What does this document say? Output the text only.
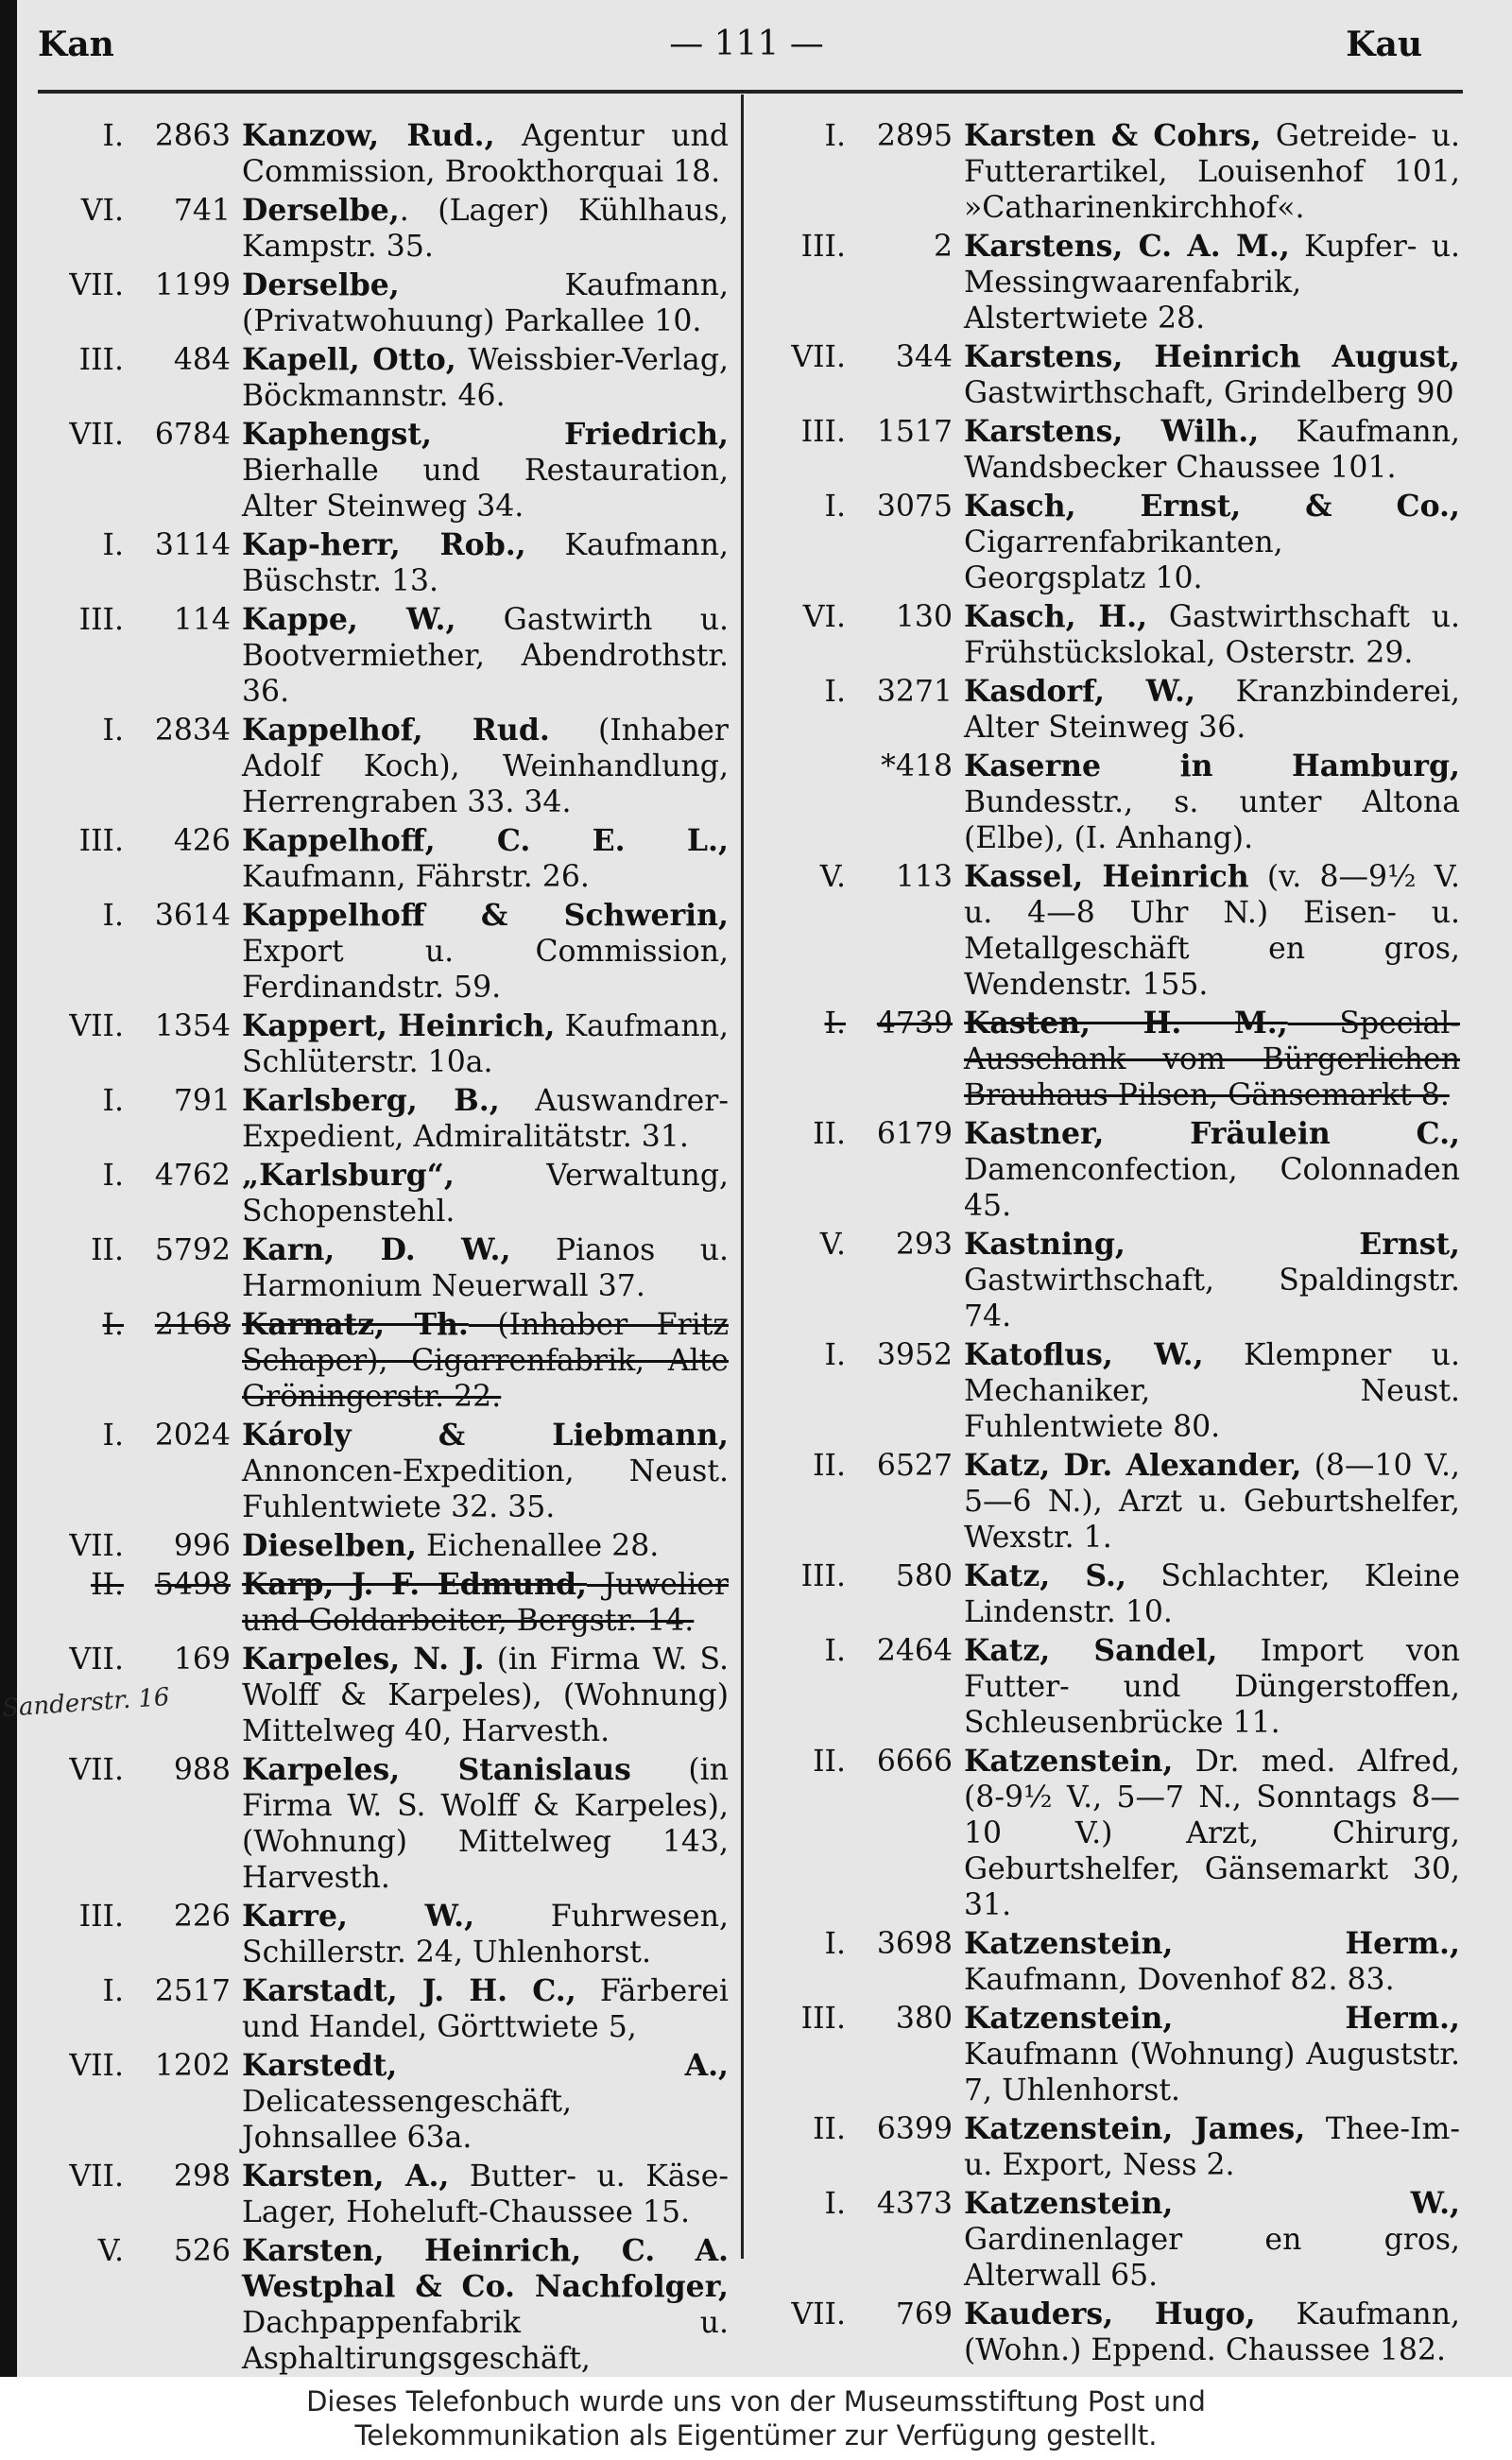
Kan	— 111 —	Kau
I.	2863 Kanzow, Rud., Agentur und Commission, Brookthorquai 18.
VI.	741 Derselbe,. (Lager) Kühlhaus, Kampstr. 35.
VII.	1199 Derselbe, Kaufmann, (Privatwohuung) Parkallee 10.
III.	484 Kapell, Otto, Weissbier-Verlag, Böckmannstr. 46.
VII.	6784 Kaphengst, Friedrich, Bierhalle und Restauration, Alter Steinweg 34.
I.	3114 Kap-herr, Rob., Kaufmann, Büschstr. 13.
III.	114 Kappe, W., Gastwirth u. Bootvermiether, Abendrothstr. 36.
I.	2834 Kappelhof, Rud. (Inhaber Adolf Koch), Weinhandlung, Herrengraben 33. 34.
III.	426 Kappelhoff, C. E. L., Kaufmann, Fährstr. 26.
I.	3614 Kappelhoff & Schwerin, Export u. Commission, Ferdinandstr. 59.
VII.	1354 Kappert, Heinrich, Kaufmann, Schlüterstr. 10a.
I.	791 Karlsberg, B., Auswandrer-Expedient, Admiralitätstr. 31.
I.	4762 „Karlsburg“, Verwaltung, Schopenstehl.
II.	5792 Karn, D. W., Pianos u. Harmonium Neuerwall 37.
I.	2168 Karnatz, Th. (Inhaber Fritz Schaper), Cigarrenfabrik, Alte Gröningerstr. 22.
I.	2024 Károly & Liebmann, Annoncen-Expedition, Neust. Fuhlentwiete 32. 35.
VII.	996 Dieselben, Eichenallee 28.
II.	5498 Karp, J. F. Edmund, Juwelier und Goldarbeiter, Bergstr. 14.
VII.	169 Karpeles, N. J. (in Firma W. S. Wolff & Karpeles), (Wohnung) Mittelweg 40, Harvesth.
Sanderstr. 16
VII.	988 Karpeles, Stanislaus (in Firma W. S. Wolff & Karpeles), (Wohnung) Mittelweg 143, Harvesth.
III.	226 Karre, W., Fuhrwesen, Schillerstr. 24, Uhlenhorst.
I.	2517 Karstadt, J. H. C., Färberei und Handel, Görttwiete 5,
VII.	1202 Karstedt, A., Delicatessengeschäft, Johnsallee 63a.
VII.	298 Karsten, A., Butter- u. Käse-Lager, Hoheluft-Chaussee 15.
V.	526 Karsten, Heinrich, C. A. Westphal & Co. Nachfolger, Dachpappenfabrik u. Asphaltirungsgeschäft,
I.	2895 Karsten & Cohrs, Getreide- u. Futterartikel, Louisenhof 101, »Catharinenkirchhof«.
III.	2 Karstens, C. A. M., Kupfer- u. Messingwaarenfabrik, Alstertwiete 28.
VII.	344 Karstens, Heinrich August, Gastwirthschaft, Grindelberg 90
III.	1517 Karstens, Wilh., Kaufmann, Wandsbecker Chaussee 101.
I.	3075 Kasch, Ernst, & Co., Cigarrenfabrikanten, Georgsplatz 10.
VI.	130 Kasch, H., Gastwirthschaft u. Frühstückslokal, Osterstr. 29.
I.	3271 Kasdorf, W., Kranzbinderei, Alter Steinweg 36.
*418 Kaserne in Hamburg, Bundesstr., s. unter Altona (Elbe), (I. Anhang).
V.	113 Kassel, Heinrich (v. 8—9½ V. u. 4—8 Uhr N.) Eisen- u. Metallgeschäft en gros, Wendenstr. 155.
I.	4739 Kasten, H. M., Special-Ausschank vom Bürgerlichen Brauhaus Pilsen, Gänsemarkt 8.
II.	6179 Kastner, Fräulein C., Damenconfection, Colonnaden 45.
V.	293 Kastning, Ernst, Gastwirthschaft, Spaldingstr. 74.
I.	3952 Katoflus, W., Klempner u. Mechaniker, Neust. Fuhlentwiete 80.
II.	6527 Katz, Dr. Alexander, (8—10 V., 5—6 N.), Arzt u. Geburtshelfer, Wexstr. 1.
III.	580 Katz, S., Schlachter, Kleine Lindenstr. 10.
I.	2464 Katz, Sandel, Import von Futter- und Düngerstoffen, Schleusenbrücke 11.
II.	6666 Katzenstein, Dr. med. Alfred, (8-9½ V., 5—7 N., Sonntags 8—10 V.) Arzt, Chirurg, Geburtshelfer, Gänsemarkt 30, 31.
I.	3698 Katzenstein, Herm., Kaufmann, Dovenhof 82. 83.
III.	380 Katzenstein, Herm., Kaufmann (Wohnung) Auguststr. 7, Uhlenhorst.
II.	6399 Katzenstein, James, Thee-Im- u. Export, Ness 2.
I.	4373 Katzenstein, W., Gardinenlager en gros, Alterwall 65.
VII.	769 Kauders, Hugo, Kaufmann, (Wohn.) Eppend. Chaussee 182.
Dieses Telefonbuch wurde uns von der Museumsstiftung Post und
Telekommunikation als Eigentümer zur Verfügung gestellt.
